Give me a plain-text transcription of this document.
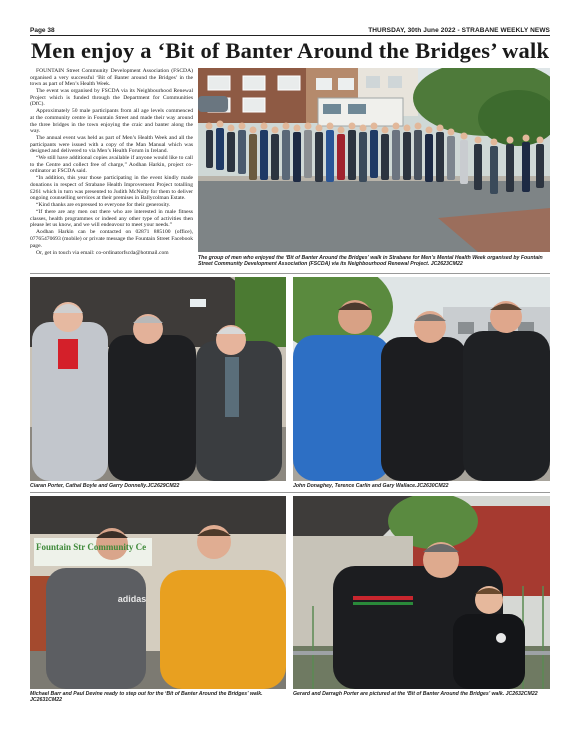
Page 38	THURSDAY, 30th June 2022 - STRABANE WEEKLY NEWS
Men enjoy a ‘Bit of Banter Around the Bridges’ walk

FOUNTAIN Street Community Development Association (FSCDA) organised a very successful ‘Bit of Banter around the Bridges’ in the town as part of Men’s Health Week.

The event was organised by FSCDA via its Neighbourhood Renewal Project which is funded through the Department for Communities (DfC).

Approximately 50 male participants from all age levels commenced at the community centre in Fountain Street and made their way around the three bridges in the town enjoying the craic and banter along the way.

The annual event was held as part of Men’s Health Week and all the participants were issued with a copy of the Man Manual which was designed and delivered to via Men’s Health Forum in Ireland.

“We still have additional copies available if anyone would like to call to the Centre and collect free of charge,” Aodhan Harkin, project co-ordinator at FSCDA said.

“In addition, this year those participating in the event kindly made donations in respect of Strabane Health Improvement Project totalling £261 which in turn was presented to Judith McNulty for them to deliver ongoing counselling services at their premises in Ballycolman Estate.

“Kind thanks are expressed to everyone for their generosity.

“If there are any men out there who are interested in male fitness classes, health programmes or indeed any other type of activities then please let us know, and we will endeavour to meet your needs.”

Aodhan Harkin can be contacted on 02871 885100 (office), 07765470693 (mobile) or private message the Fountain Street Facebook page.

Or, get in touch via email: co-ordinatorfscda@hotmail.com

The group of men who enjoyed the ‘Bit of Banter Around the Bridges’ walk in Strabane for Men’s Mental Health Week organised by Fountain Street Community Development Association (FSCDA) via its Neighbourhood Renewal Project. JC2623CM22
Ciaran Porter, Cathal Boyle and Garry Donnelly.JC2629CM22	John Donaghey, Terence Carlin and Gary Wallace.JC2630CM22
Fountain Str Community Ce
adidas
Michael Barr and Paul Devine ready to step out for the ‘Bit of Banter Around the Bridges’ walk. JC2631CM22
Gerard and Darragh Porter are pictured at the ‘Bit of Banter Around the Bridges’ walk. JC2632CM22
